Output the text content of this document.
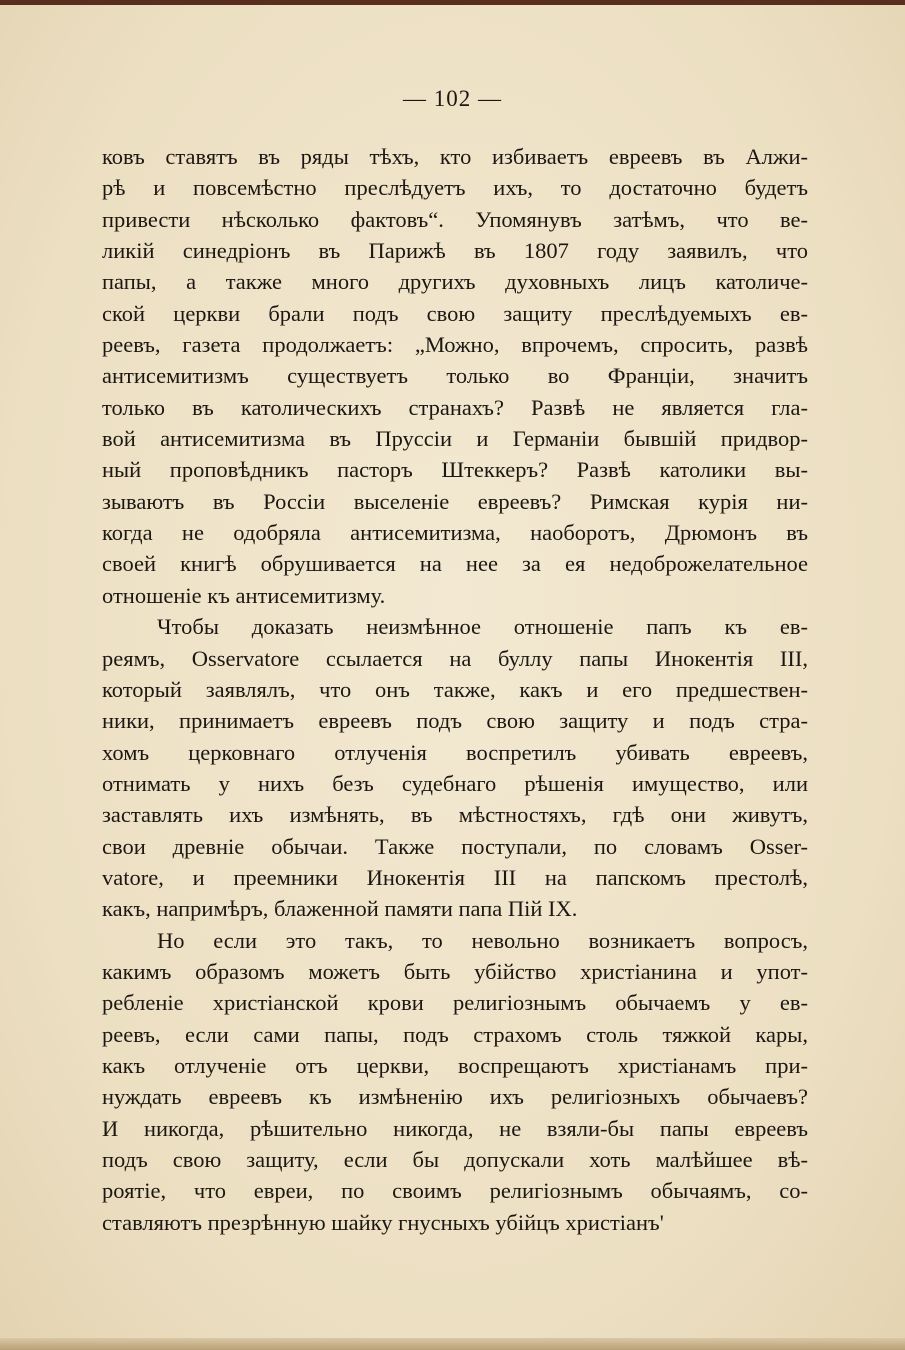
— 102 —
ковъ ставятъ въ ряды тѣхъ, кто избиваетъ евреевъ въ Алжи-
рѣ и повсемѣстно преслѣдуетъ ихъ, то достаточно будетъ
привести нѣсколько фактовъ“. Упомянувъ затѣмъ, что ве-
ликій синедріонъ въ Парижѣ въ 1807 году заявилъ, что
папы, а также много другихъ духовныхъ лицъ католиче-
ской церкви брали подъ свою защиту преслѣдуемыхъ ев-
реевъ, газета продолжаетъ: „Можно, впрочемъ, спросить, развѣ
антисемитизмъ существуетъ только во Франціи, значитъ
только въ католическихъ странахъ? Развѣ не является гла-
вой антисемитизма въ Пруссіи и Германіи бывшій придвор-
ный проповѣдникъ пасторъ Штеккеръ? Развѣ католики вы-
зываютъ въ Россіи выселеніе евреевъ? Римская курія ни-
когда не одобряла антисемитизма, наоборотъ, Дрюмонъ въ
своей книгѣ обрушивается на нее за ея недоброжелательное
отношеніе къ антисемитизму.
Чтобы доказать неизмѣнное отношеніе папъ къ ев-
реямъ, Osservatore ссылается на буллу папы Инокентія III,
который заявлялъ, что онъ также, какъ и его предшествен-
ники, принимаетъ евреевъ подъ свою защиту и подъ стра-
хомъ церковнаго отлученія воспретилъ убивать евреевъ,
отнимать у нихъ безъ судебнаго рѣшенія имущество, или
заставлять ихъ измѣнять, въ мѣстностяхъ, гдѣ они живутъ,
свои древніе обычаи. Также поступали, по словамъ Osser-
vatore, и преемники Инокентія III на папскомъ престолѣ,
какъ, напримѣръ, блаженной памяти папа Пій IX.
Но если это такъ, то невольно возникаетъ вопросъ,
какимъ образомъ можетъ быть убійство христіанина и упот-
ребленіе христіанской крови религіознымъ обычаемъ у ев-
реевъ, если сами папы, подъ страхомъ столь тяжкой кары,
какъ отлученіе отъ церкви, воспрещаютъ христіанамъ при-
нуждать евреевъ къ измѣненію ихъ религіозныхъ обычаевъ?
И никогда, рѣшительно никогда, не взяли-бы папы евреевъ
подъ свою защиту, если бы допускали хоть малѣйшее вѣ-
роятіе, что евреи, по своимъ религіознымъ обычаямъ, со-
ставляютъ презрѣнную шайку гнусныхъ убійцъ христіанъ'
